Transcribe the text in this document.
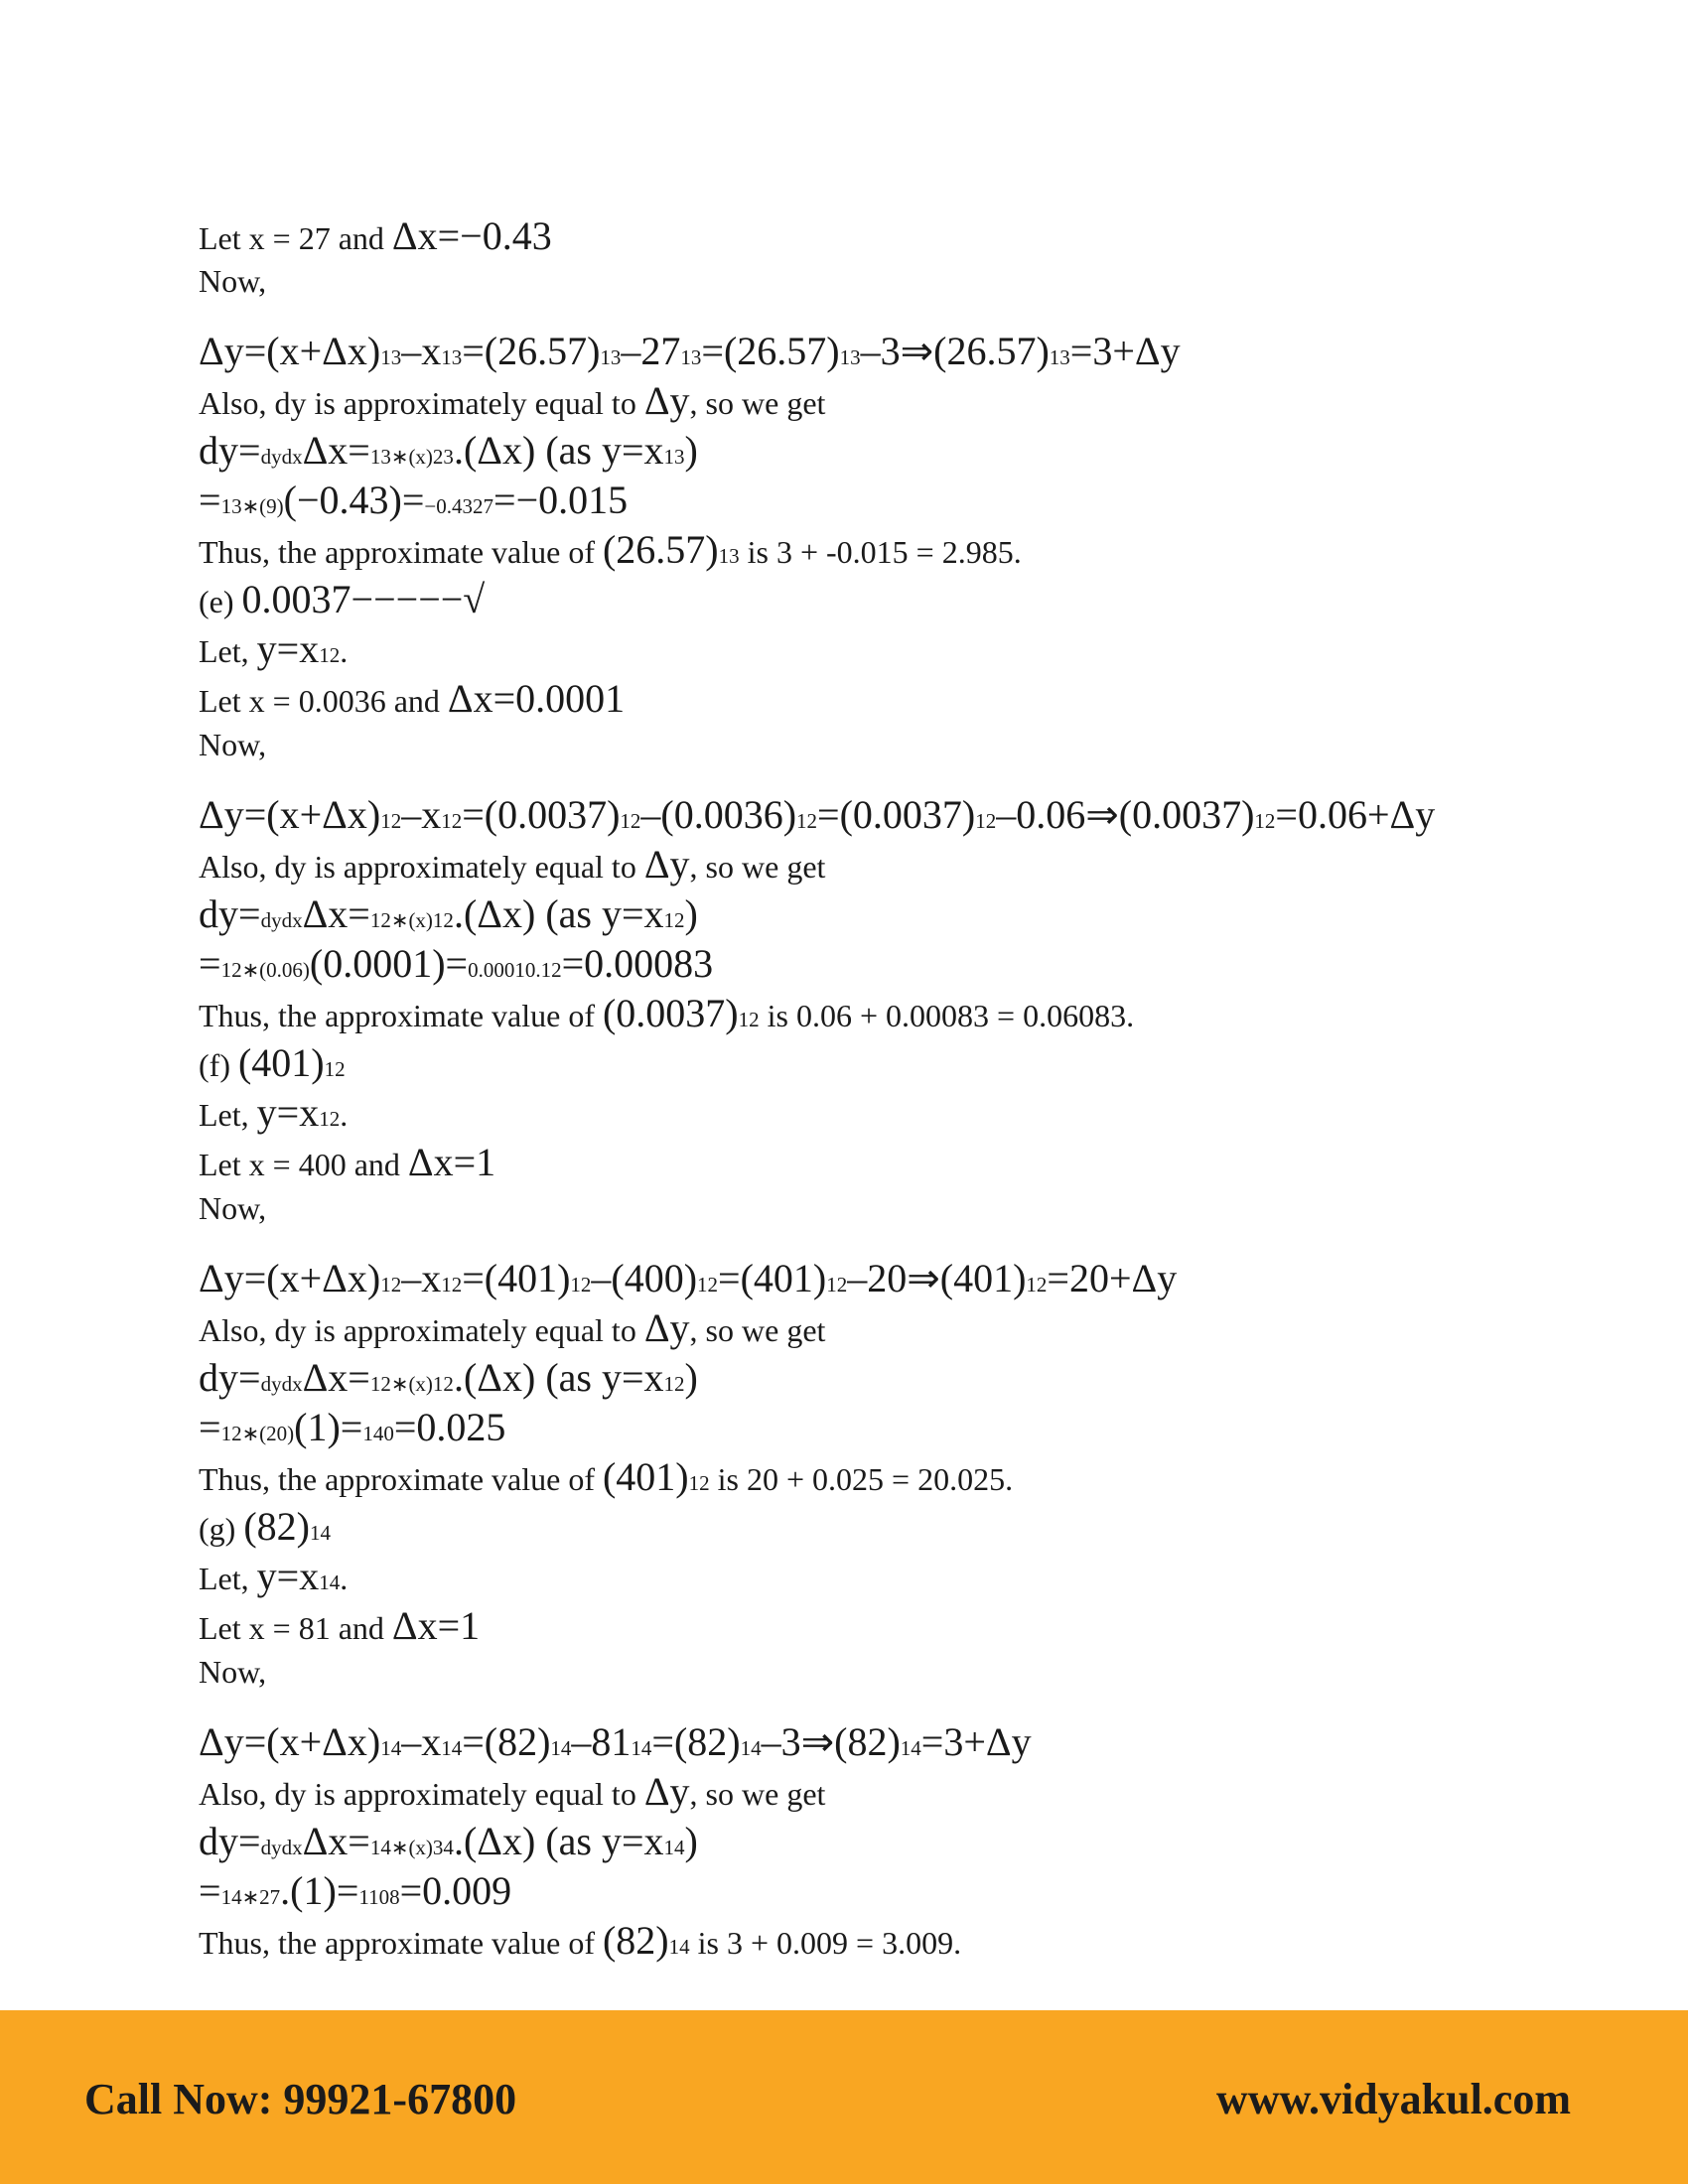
Let x = 27 and Δx=−0.43
Now,
Δy=(x+Δx)13–x13=(26.57)13–2713=(26.57)13–3⇒(26.57)13=3+Δy
Also, dy is approximately equal to Δy, so we get
dy=dydxΔx=13∗(x)23.(Δx) (as y=x13)
=13∗(9)(−0.43)=−0.4327=−0.015
Thus, the approximate value of (26.57)13 is 3 + -0.015 = 2.985.
(e) 0.0037−−−−−√
Let, y=x12.
Let x = 0.0036 and Δx=0.0001
Now,
Δy=(x+Δx)12–x12=(0.0037)12–(0.0036)12=(0.0037)12–0.06⇒(0.0037)12=0.06+Δy
Also, dy is approximately equal to Δy, so we get
dy=dydxΔx=12∗(x)12.(Δx) (as y=x12)
=12∗(0.06)(0.0001)=0.00010.12=0.00083
Thus, the approximate value of (0.0037)12 is 0.06 + 0.00083 = 0.06083.
(f) (401)12
Let, y=x12.
Let x = 400 and Δx=1
Now,
Δy=(x+Δx)12–x12=(401)12–(400)12=(401)12–20⇒(401)12=20+Δy
Also, dy is approximately equal to Δy, so we get
dy=dydxΔx=12∗(x)12.(Δx) (as y=x12)
=12∗(20)(1)=140=0.025
Thus, the approximate value of (401)12 is 20 + 0.025 = 20.025.
(g) (82)14
Let, y=x14.
Let x = 81 and Δx=1
Now,
Δy=(x+Δx)14–x14=(82)14–8114=(82)14–3⇒(82)14=3+Δy
Also, dy is approximately equal to Δy, so we get
dy=dydxΔx=14∗(x)34.(Δx) (as y=x14)
=14∗27.(1)=1108=0.009
Thus, the approximate value of (82)14 is 3 + 0.009 = 3.009.
Call Now: 99921-67800	www.vidyakul.com
